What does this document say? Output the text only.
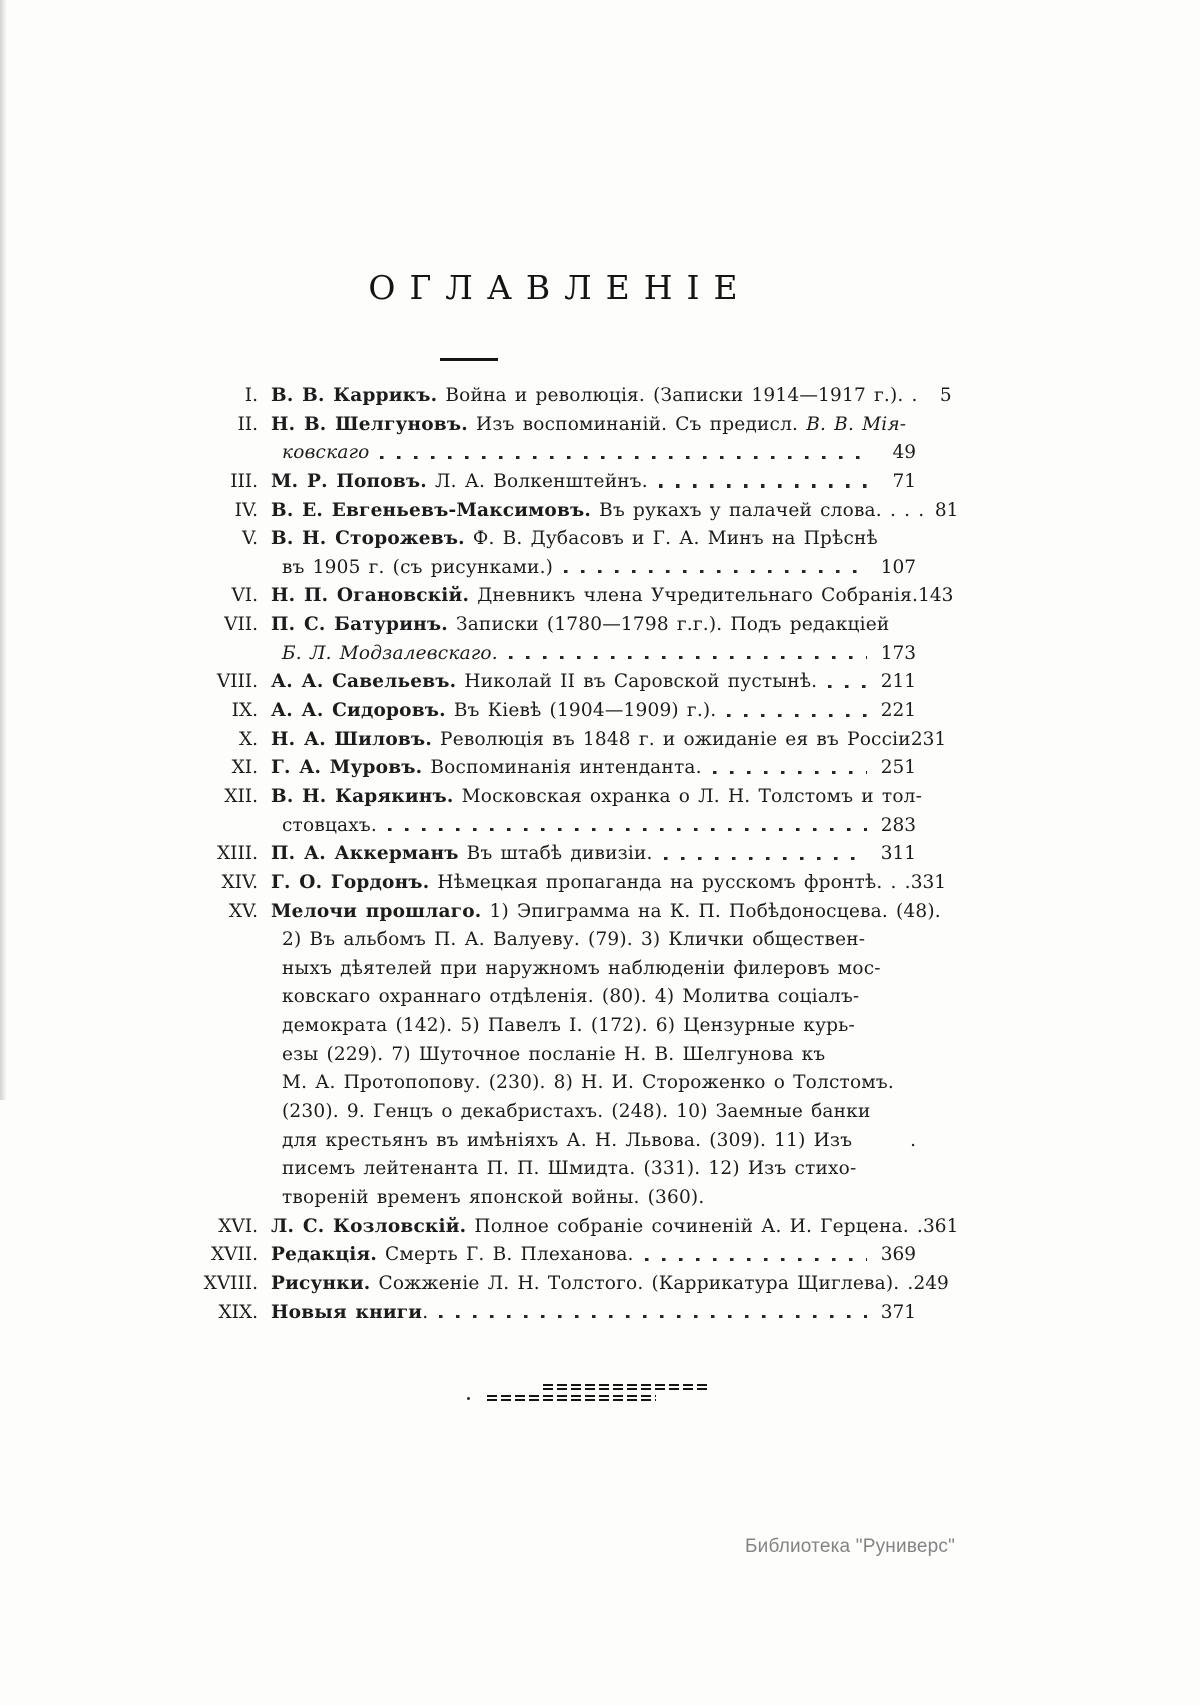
ОГЛАВЛЕНІЕ
I. В. В. Каррикъ. Война и революція. (Записки 1914—1917 г.). .	5
II. Н. В. Шелгуновъ. Изъ воспоминаній. Съ предисл. В. В. Мія-
ковскаго	49
III. М. Р. Поповъ. Л. А. Волкенштейнъ.	71
IV. В. Е. Евгеньевъ-Максимовъ. Въ рукахъ у палачей слова. . . . 81
V. В. Н. Сторожевъ. Ф. В. Дубасовъ и Г. А. Минъ на Прѣснѣ
въ 1905 г. (съ рисунками.)	107
VI. Н. П. Огановскій. Дневникъ члена Учредительнаго Собранія. 143
VII. П. С. Батуринъ. Записки (1780—1798 г.г.). Подъ редакціей
Б. Л. Модзалевскаго.	173
VIII. А. А. Савельевъ. Николай II въ Саровской пустынѣ.	211
IX. А. А. Сидоровъ. Въ Кіевѣ (1904—1909) г.).	221
X. Н. А. Шиловъ. Революція въ 1848 г. и ожиданіе ея въ Россіи 231
XI. Г. А. Муровъ. Воспоминанія интенданта.	251
XII. В. Н. Карякинъ. Московская охранка о Л. Н. Толстомъ и тол-
стовцахъ.	283
XIII. П. А. Аккерманъ Въ штабѣ дивизіи.	311
XIV. Г. О. Гордонъ. Нѣмецкая пропаганда на русскомъ фронтѣ. . . 331
XV. Мелочи прошлаго. 1) Эпиграмма на К. П. Побѣдоносцева. (48).
2) Въ альбомъ П. А. Валуеву. (79). 3) Клички обществен-
ныхъ дѣятелей при наружномъ наблюденіи филеровъ мос-
ковскаго охраннаго отдѣленія. (80). 4) Молитва соціалъ-
демократа (142). 5) Павелъ I. (172). 6) Цензурные курь-
езы (229). 7) Шуточное посланіе Н. В. Шелгунова къ
М. А. Протопопову. (230). 8) Н. И. Стороженко о Толстомъ.
(230). 9. Генцъ о декабристахъ. (248). 10) Заемные банки
для крестьянъ въ имѣніяхъ А. Н. Львова. (309). 11) Изъ	.
писемъ лейтенанта П. П. Шмидта. (331). 12) Изъ стихо-
твореній временъ японской войны. (360).
XVI. Л. С. Козловскій. Полное собраніе сочиненій А. И. Герцена. . 361
XVII. Редакція. Смерть Г. В. Плеханова.	369
XVIII. Рисунки. Сожженіе Л. Н. Толстого. (Каррикатура Щиглева). . 249
XIX. Новыя книги.	371
Библиотека "Руниверс"
